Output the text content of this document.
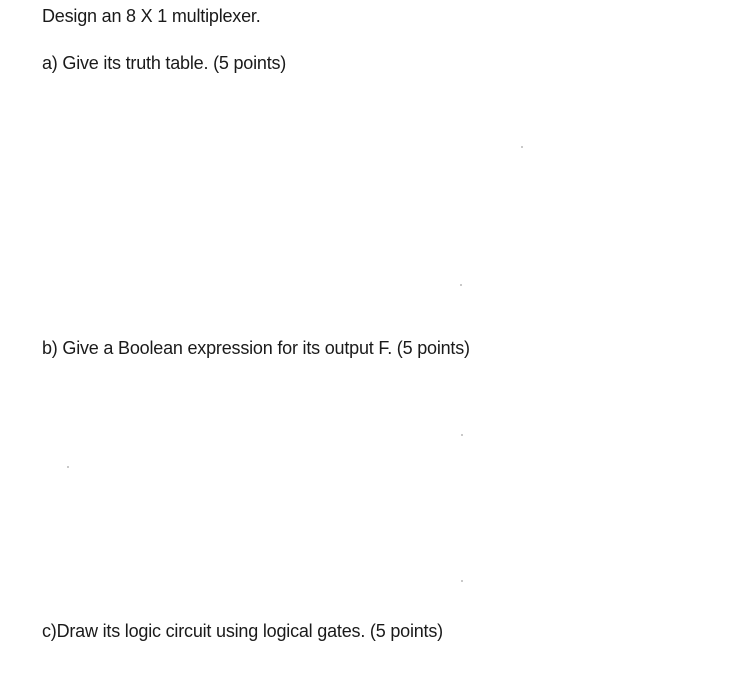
Design an 8 X 1 multiplexer.

a) Give its truth table. (5 points)

b) Give a Boolean expression for its output F. (5 points)

c)Draw its logic circuit using logical gates. (5 points)
